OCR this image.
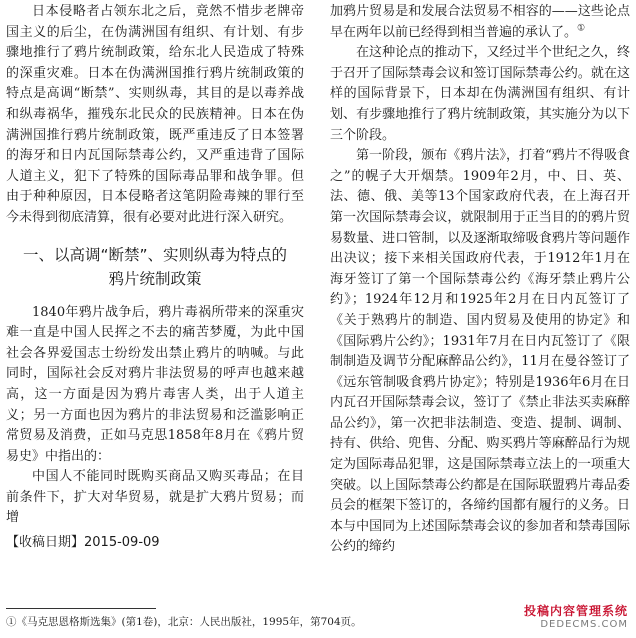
日本侵略者占领东北之后，竟然不惜步老牌帝国主义的后尘，在伪满洲国有组织、有计划、有步骤地推行了鸦片统制政策，给东北人民造成了特殊的深重灾难。日本在伪满洲国推行鸦片统制政策的特点是高调“断禁”、实则纵毒，其目的是以毒养战和纵毒祸华，摧残东北民众的民族精神。日本在伪满洲国推行鸦片统制政策，既严重违反了日本签署的海牙和日内瓦国际禁毒公约，又严重违背了国际人道主义，犯下了特殊的国际毒品罪和战争罪。但由于种种原因，日本侵略者这笔阴险毒辣的罪行至今未得到彻底清算，很有必要对此进行深入研究。

一、以高调“断禁”、实则纵毒为特点的
鸦片统制政策

1840年鸦片战争后，鸦片毒祸所带来的深重灾难一直是中国人民挥之不去的痛苦梦魇，为此中国社会各界爱国志士纷纷发出禁止鸦片的呐喊。与此同时，国际社会反对鸦片非法贸易的呼声也越来越高，这一方面是因为鸦片毒害人类，出于人道主义；另一方面也因为鸦片的非法贸易和泛滥影响正常贸易及消费，正如马克思1858年8月在《鸦片贸易史》中指出的：

中国人不能同时既购买商品又购买毒品；在目前条件下，扩大对华贸易，就是扩大鸦片贸易；而增

【收稿日期】2015-09-09

加鸦片贸易是和发展合法贸易不相容的——这些论点早在两年以前已经得到相当普遍的承认了。①

在这种论点的推动下，又经过半个世纪之久，终于召开了国际禁毒会议和签订国际禁毒公约。就在这样的国际背景下，日本却在伪满洲国有组织、有计划、有步骤地推行了鸦片统制政策，其实施分为以下三个阶段。

第一阶段，颁布《鸦片法》，打着“鸦片不得吸食之”的幌子大开烟禁。1909年2月，中、日、英、法、德、俄、美等13个国家政府代表，在上海召开第一次国际禁毒会议，就限制用于正当目的的鸦片贸易数量、进口管制，以及逐渐取缔吸食鸦片等问题作出决议；接下来相关国政府代表，于1912年1月在海牙签订了第一个国际禁毒公约《海牙禁止鸦片公约》；1924年12月和1925年2月在日内瓦签订了《关于熟鸦片的制造、国内贸易及使用的协定》和《国际鸦片公约》；1931年7月在日内瓦签订了《限制制造及调节分配麻醉品公约》，11月在曼谷签订了《远东管制吸食鸦片协定》；特别是1936年6月在日内瓦召开国际禁毒会议，签订了《禁止非法买卖麻醉品公约》，第一次把非法制造、变造、提制、调制、持有、供给、兜售、分配、购买鸦片等麻醉品行为规定为国际毒品犯罪，这是国际禁毒立法上的一项重大突破。以上国际禁毒公约都是在国际联盟鸦片毒品委员会的框架下签订的，各缔约国都有履行的义务。日本与中国同为上述国际禁毒会议的参加者和禁毒国际公约的缔约

①《马克思恩格斯选集》(第1卷)，北京：人民出版社，1995年，第704页。
投稿内容管理系统
DEDECMS.COM
